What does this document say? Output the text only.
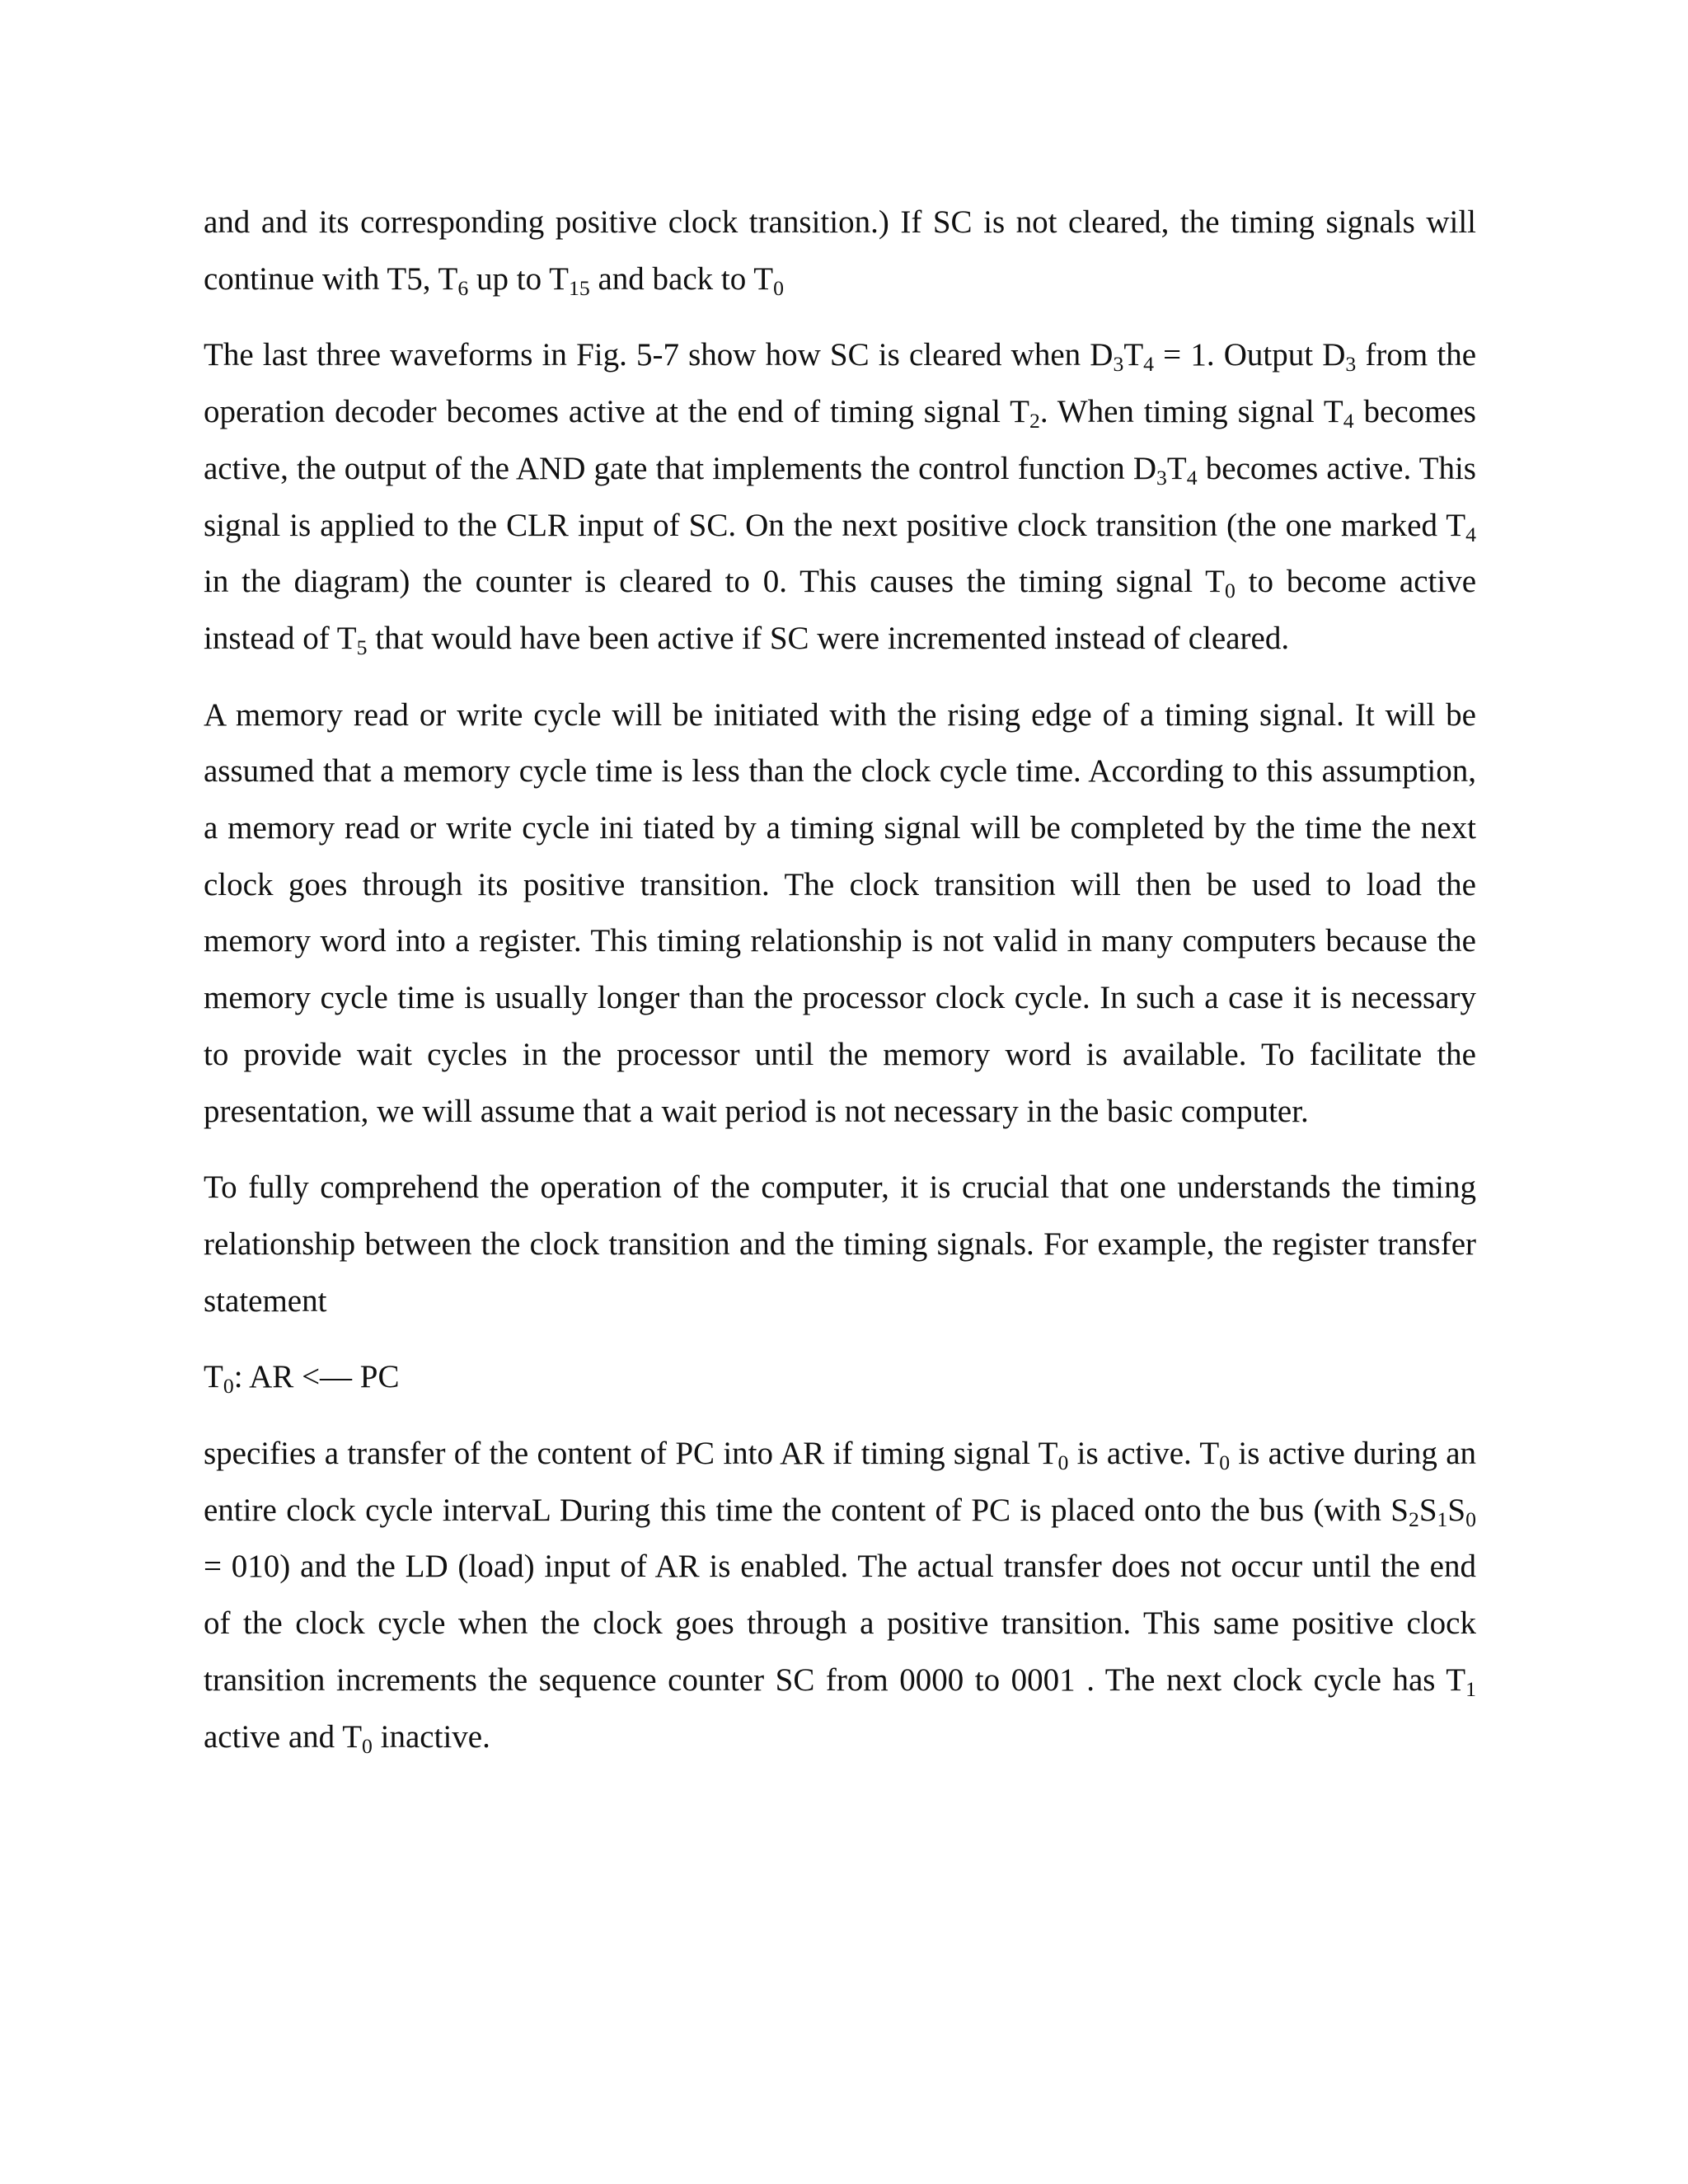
and and its corresponding positive clock transition.) If SC is not cleared, the timing signals will continue with T5, $T_6$ up to $T_{15}$ and back to $T_0$

The last three waveforms in Fig. 5-7 show how SC is cleared when $D_3T_4 = 1$. Output $D_3$ from the operation decoder becomes active at the end of timing signal $T_2$. When timing signal $T_4$ becomes active, the output of the AND gate that implements the control function $D_3T_4$ becomes active. This signal is applied to the CLR input of SC. On the next positive clock transition (the one marked $T_4$ in the diagram) the counter is cleared to 0. This causes the timing signal $T_0$ to become active instead of $T_5$ that would have been active if SC were incremented instead of cleared.

A memory read or write cycle will be initiated with the rising edge of a timing signal. It will be assumed that a memory cycle time is less than the clock cycle time. According to this assumption, a memory read or write cycle ini tiated by a timing signal will be completed by the time the next clock goes through its positive transition. The clock transition will then be used to load the memory word into a register. This timing relationship is not valid in many computers because the memory cycle time is usually longer than the processor clock cycle. In such a case it is necessary to provide wait cycles in the processor until the memory word is available. To facilitate the presentation, we will assume that a wait period is not necessary in the basic computer.

To fully comprehend the operation of the computer, it is crucial that one understands the timing relationship between the clock transition and the timing signals. For example, the register transfer statement

$T_0$: AR <— PC

specifies a transfer of the content of PC into AR if timing signal $T_0$ is active. $T_0$ is active during an entire clock cycle intervaL During this time the content of PC is placed onto the bus (with $S_2S_1S_0 = 010$) and the LD (load) input of AR is enabled. The actual transfer does not occur until the end of the clock cycle when the clock goes through a positive transition. This same positive clock transition increments the sequence counter SC from 0000 to 0001 . The next clock cycle has $T_1$ active and $T_0$ inactive.
